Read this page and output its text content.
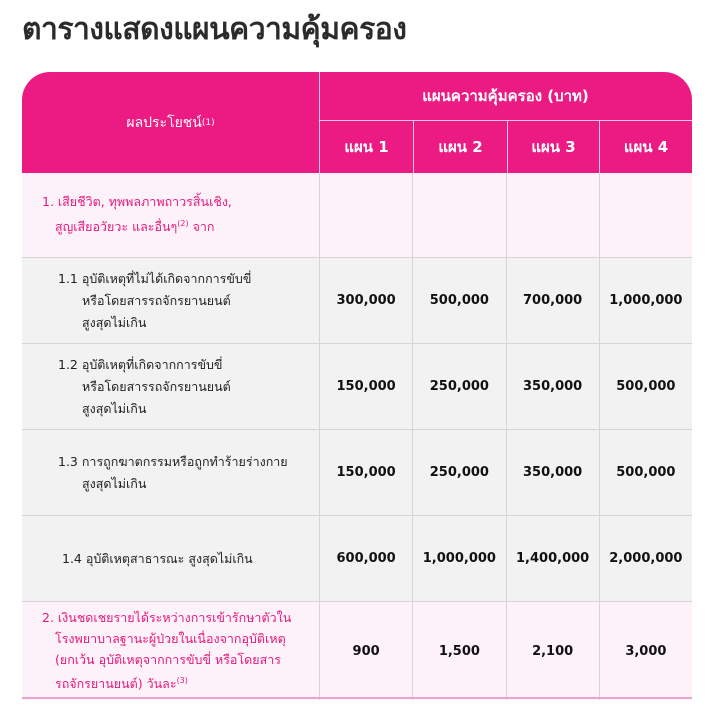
ตารางแสดงแผนความคุ้มครอง
ผลประโยชน์ (1)
แผนความคุ้มครอง (บาท)
แผน 1	แผน 2	แผน 3	แผน 4
1. เสียชีวิต, ทุพพลภาพถาวรสิ้นเชิง,
สูญเสียอวัยวะ และอื่นๆ$^{(2)}$ จาก
1.1 อุบัติเหตุที่ไม่ได้เกิดจากการขับขี่
หรือโดยสารรถจักรยานยนต์
สูงสุดไม่เกิน
300,000	500,000	700,000	1,000,000
1.2 อุบัติเหตุที่เกิดจากการขับขี่
หรือโดยสารรถจักรยานยนต์
สูงสุดไม่เกิน
150,000	250,000	350,000	500,000
1.3 การถูกฆาตกรรมหรือถูกทำร้ายร่างกาย
สูงสุดไม่เกิน
150,000	250,000	350,000	500,000
1.4 อุบัติเหตุสาธารณะ สูงสุดไม่เกิน	600,000	1,000,000	1,400,000	2,000,000
2. เงินชดเชยรายได้ระหว่างการเข้ารักษาตัวใน
โรงพยาบาลฐานะผู้ป่วยในเนื่องจากอุบัติเหตุ
(ยกเว้น อุบัติเหตุจากการขับขี่ หรือโดยสาร
รถจักรยานยนต์) วันละ$^{(3)}$
900	1,500	2,100	3,000
